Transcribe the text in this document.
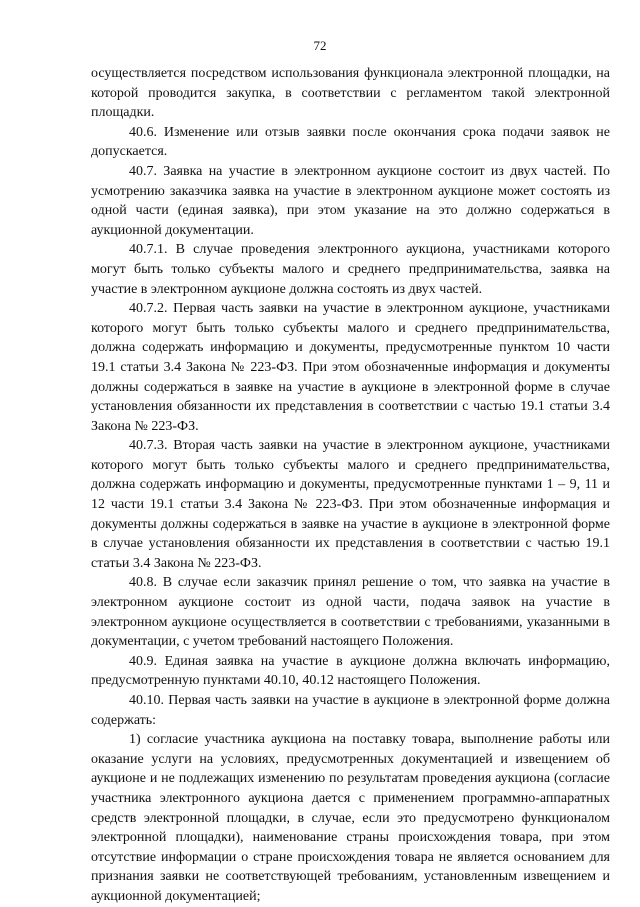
72

осуществляется посредством использования функционала электронной площадки, на которой проводится закупка, в соответствии с регламентом такой электронной площадки.

40.6. Изменение или отзыв заявки после окончания срока подачи заявок не допускается.

40.7. Заявка на участие в электронном аукционе состоит из двух частей. По усмотрению заказчика заявка на участие в электронном аукционе может состоять из одной части (единая заявка), при этом указание на это должно содержаться в аукционной документации.

40.7.1. В случае проведения электронного аукциона, участниками которого могут быть только субъекты малого и среднего предпринимательства, заявка на участие в электронном аукционе должна состоять из двух частей.

40.7.2. Первая часть заявки на участие в электронном аукционе, участниками которого могут быть только субъекты малого и среднего предпринимательства, должна содержать информацию и документы, предусмотренные пунктом 10 части 19.1 статьи 3.4 Закона № 223-ФЗ. При этом обозначенные информация и документы должны содержаться в заявке на участие в аукционе в электронной форме в случае установления обязанности их представления в соответствии с частью 19.1 статьи 3.4 Закона № 223-ФЗ.

40.7.3. Вторая часть заявки на участие в электронном аукционе, участниками которого могут быть только субъекты малого и среднего предпринимательства, должна содержать информацию и документы, предусмотренные пунктами 1 – 9, 11 и 12 части 19.1 статьи 3.4 Закона № 223-ФЗ. При этом обозначенные информация и документы должны содержаться в заявке на участие в аукционе в электронной форме в случае установления обязанности их представления в соответствии с частью 19.1 статьи 3.4 Закона № 223-ФЗ.

40.8. В случае если заказчик принял решение о том, что заявка на участие в электронном аукционе состоит из одной части, подача заявок на участие в электронном аукционе осуществляется в соответствии с требованиями, указанными в документации, с учетом требований настоящего Положения.

40.9. Единая заявка на участие в аукционе должна включать информацию, предусмотренную пунктами 40.10, 40.12 настоящего Положения.

40.10. Первая часть заявки на участие в аукционе в электронной форме должна содержать:

1) согласие участника аукциона на поставку товара, выполнение работы или оказание услуги на условиях, предусмотренных документацией и извещением об аукционе и не подлежащих изменению по результатам проведения аукциона (согласие участника электронного аукциона дается с применением программно-аппаратных средств электронной площадки, в случае, если это предусмотрено функционалом электронной площадки), наименование страны происхождения товара, при этом отсутствие информации о стране происхождения товара не является основанием для признания заявки не соответствующей требованиям, установленным извещением и аукционной документацией;
